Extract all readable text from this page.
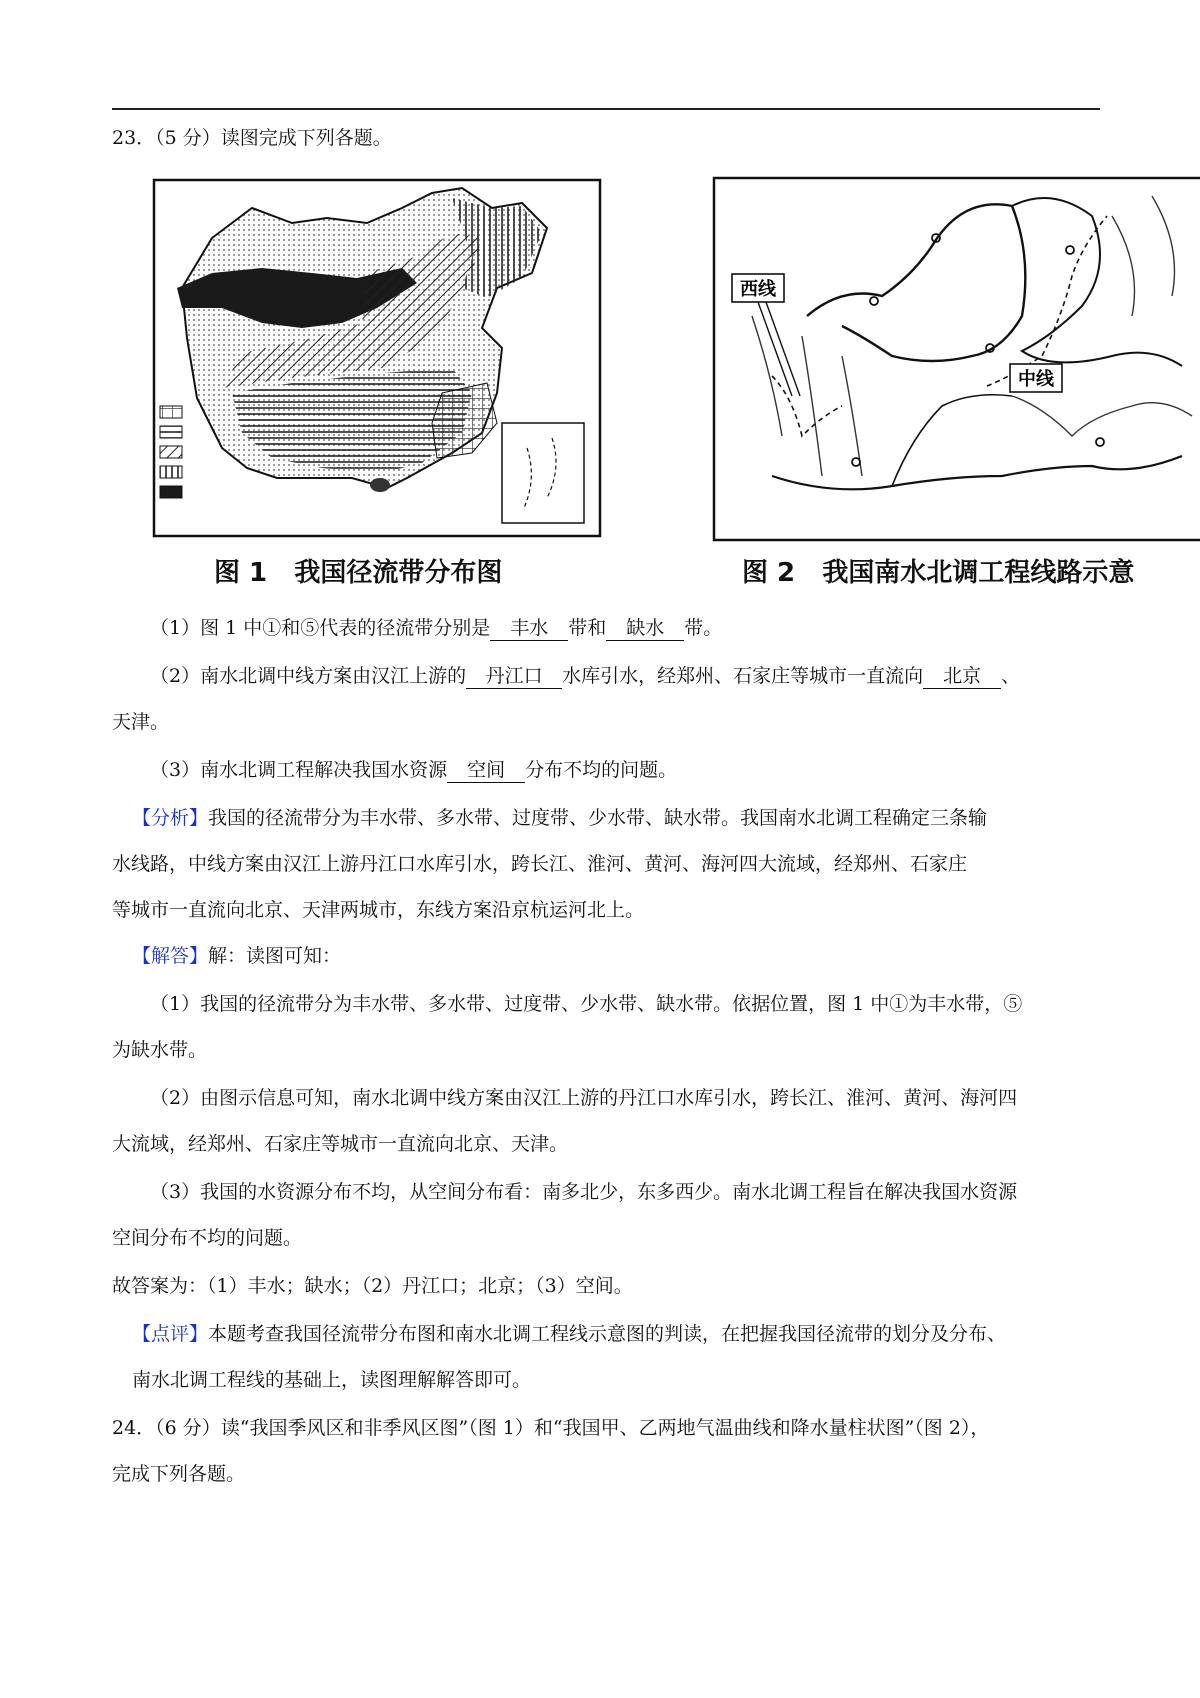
23．（5 分）读图完成下列各题。
图 1 我国径流带分布图
西线
中线
图 2 我国南水北调工程线路示意
（1）图 1 中①和⑤代表的径流带分别是 丰水 带和 缺水 带。
（2）南水北调中线方案由汉江上游的 丹江口 水库引水，经郑州、石家庄等城市一直流向 北京 、
天津。
（3）南水北调工程解决我国水资源 空间 分布不均的问题。
【分析】我国的径流带分为丰水带、多水带、过度带、少水带、缺水带。我国南水北调工程确定三条输
水线路，中线方案由汉江上游丹江口水库引水，跨长江、淮河、黄河、海河四大流域，经郑州、石家庄
等城市一直流向北京、天津两城市，东线方案沿京杭运河北上。
【解答】解：读图可知：
（1）我国的径流带分为丰水带、多水带、过度带、少水带、缺水带。依据位置，图 1 中①为丰水带，⑤
为缺水带。
（2）由图示信息可知，南水北调中线方案由汉江上游的丹江口水库引水，跨长江、淮河、黄河、海河四
大流域，经郑州、石家庄等城市一直流向北京、天津。
（3）我国的水资源分布不均，从空间分布看：南多北少，东多西少。南水北调工程旨在解决我国水资源
空间分布不均的问题。
故答案为：（1）丰水；缺水；（2）丹江口；北京；（3）空间。
【点评】本题考查我国径流带分布图和南水北调工程线示意图的判读，在把握我国径流带的划分及分布、
南水北调工程线的基础上，读图理解解答即可。
24．（6 分）读“我国季风区和非季风区图”（图 1）和“我国甲、乙两地气温曲线和降水量柱状图”（图 2），
完成下列各题。
